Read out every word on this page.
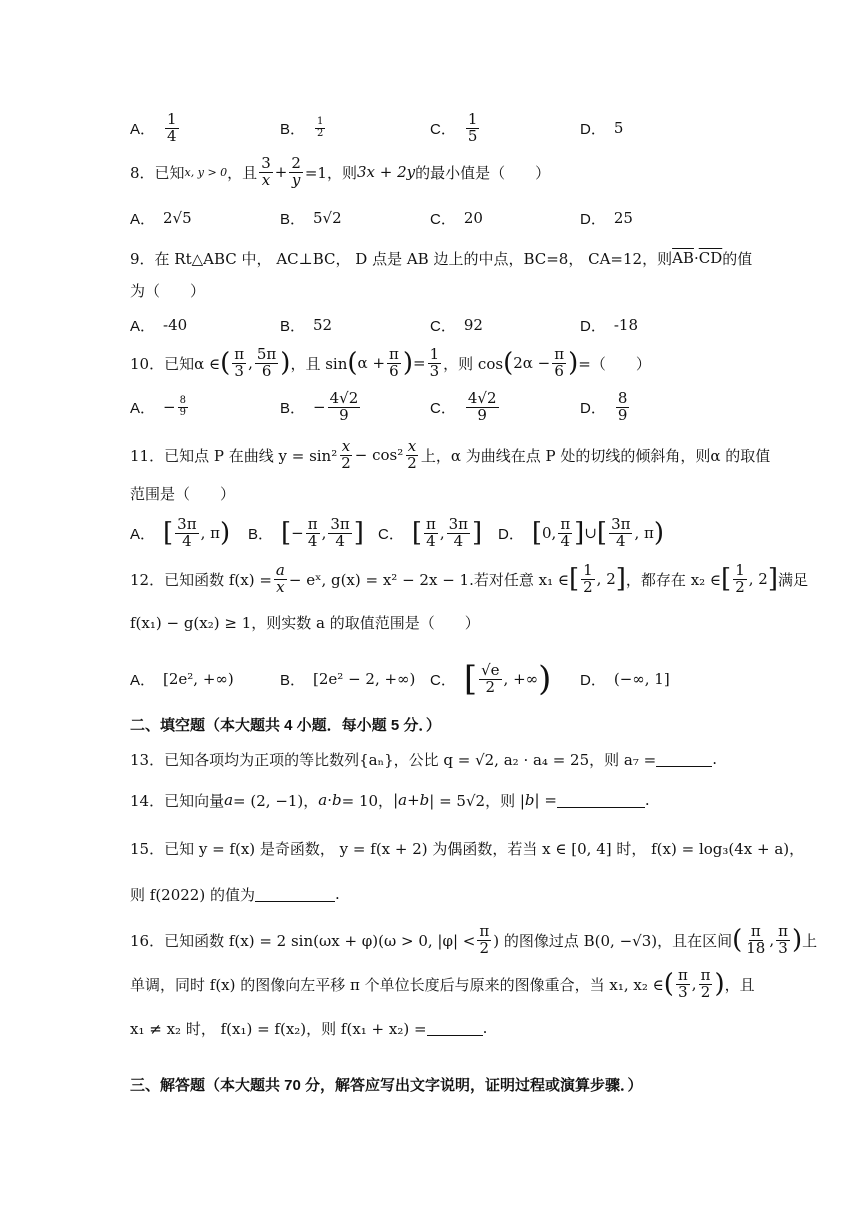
A． $\frac{1}{4}$	B． $\frac{1}{2}$	C． $\frac{1}{5}$	D． 5
8．已知 x, y > 0 ，且 $\frac{3}{x} + \frac{2}{y} =1$，则 3x + 2y 的最小值是（　　）
A． 2√5	B． 5√2	C． 20	D． 25
9．在 Rt△ABC 中， AC⊥BC， D 点是 AB 边上的中点，BC=8， CA=12，则 $\overline{AB} \cdot \overline{CD}$ 的值
为（　　）
A． -40	B． 52	C． 92	D． -18
10．已知α ∈ ( $\frac{\pi}{3}$ , $\frac{5\pi}{6}$ ) ，且 sin ( $\alpha + \frac{\pi}{6}$ ) = $\frac{1}{3}$ ，则 cos ( $2\alpha - \frac{\pi}{6}$ ) =（　　）
A． − $\frac{8}{9}$	B． − $\frac{4√2}{9}$	C． $\frac{4√2}{9}$	D． $\frac{8}{9}$
11．已知点 P 在曲线 $y = \sin^2 \frac{x}{2} - \cos^2 \frac{x}{2}$ 上，α 为曲线在点 P 处的切线的倾斜角，则α 的取值
范围是（　　）
A． [ $\frac{3\pi}{4}$ , π ) B． [ − $\frac{\pi}{4}$ , $\frac{3\pi}{4}$ ] C． [ $\frac{\pi}{4}$ , $\frac{3\pi}{4}$ ] D． [ 0, $\frac{\pi}{4}$ ] ∪ [ $\frac{3\pi}{4}$ , π )
12．已知函数 $f(x) = \frac{a}{x}$ − eˣ, g(x) = x² − 2x − 1.若对任意 x₁ ∈ [ $\frac{1}{2}$ , 2 ] ，都存在 x₂ ∈ [ $\frac{1}{2}$ , 2 ] 满足
f(x₁) − g(x₂) ≥ 1，则实数 a 的取值范围是（　　）
A． [2e², +∞)	B． [2e² − 2, +∞) C． [ $\frac{√e}{2}$ , +∞ ) D． (−∞, 1]
二、填空题（本大题共 4 小题．每小题 5 分．）
13．已知各项均为正项的等比数列{aₙ}，公比 q = √2, a₂ · a₄ = 25，则 a₇ =	.
14．已知向量 a = (2, −1)， a · b = 10， | a + b | = 5√2，则 | b | =	.
15．已知 y = f(x) 是奇函数， y = f(x + 2) 为偶函数，若当 x ∈ [0, 4] 时， f(x) = log₃(4x + a)，
则 f(2022) 的值为	.
16．已知函数 f(x) = 2 sin(ωx + φ)(ω > 0, $|\varphi| < \frac{\pi}{2}$ ) 的图像过点 B(0, −√3)，且在区间 ( $\frac{\pi}{18}$ , $\frac{\pi}{3}$ ) 上
单调，同时 f(x) 的图像向左平移 π 个单位长度后与原来的图像重合，当 x₁, x₂ ∈ ( $\frac{\pi}{3}$ , $\frac{\pi}{2}$ ) ，且
x₁ ≠ x₂ 时， f(x₁) = f(x₂)，则 f(x₁ + x₂) =	.
三、解答题（本大题共 70 分，解答应写出文字说明，证明过程或演算步骤．）
